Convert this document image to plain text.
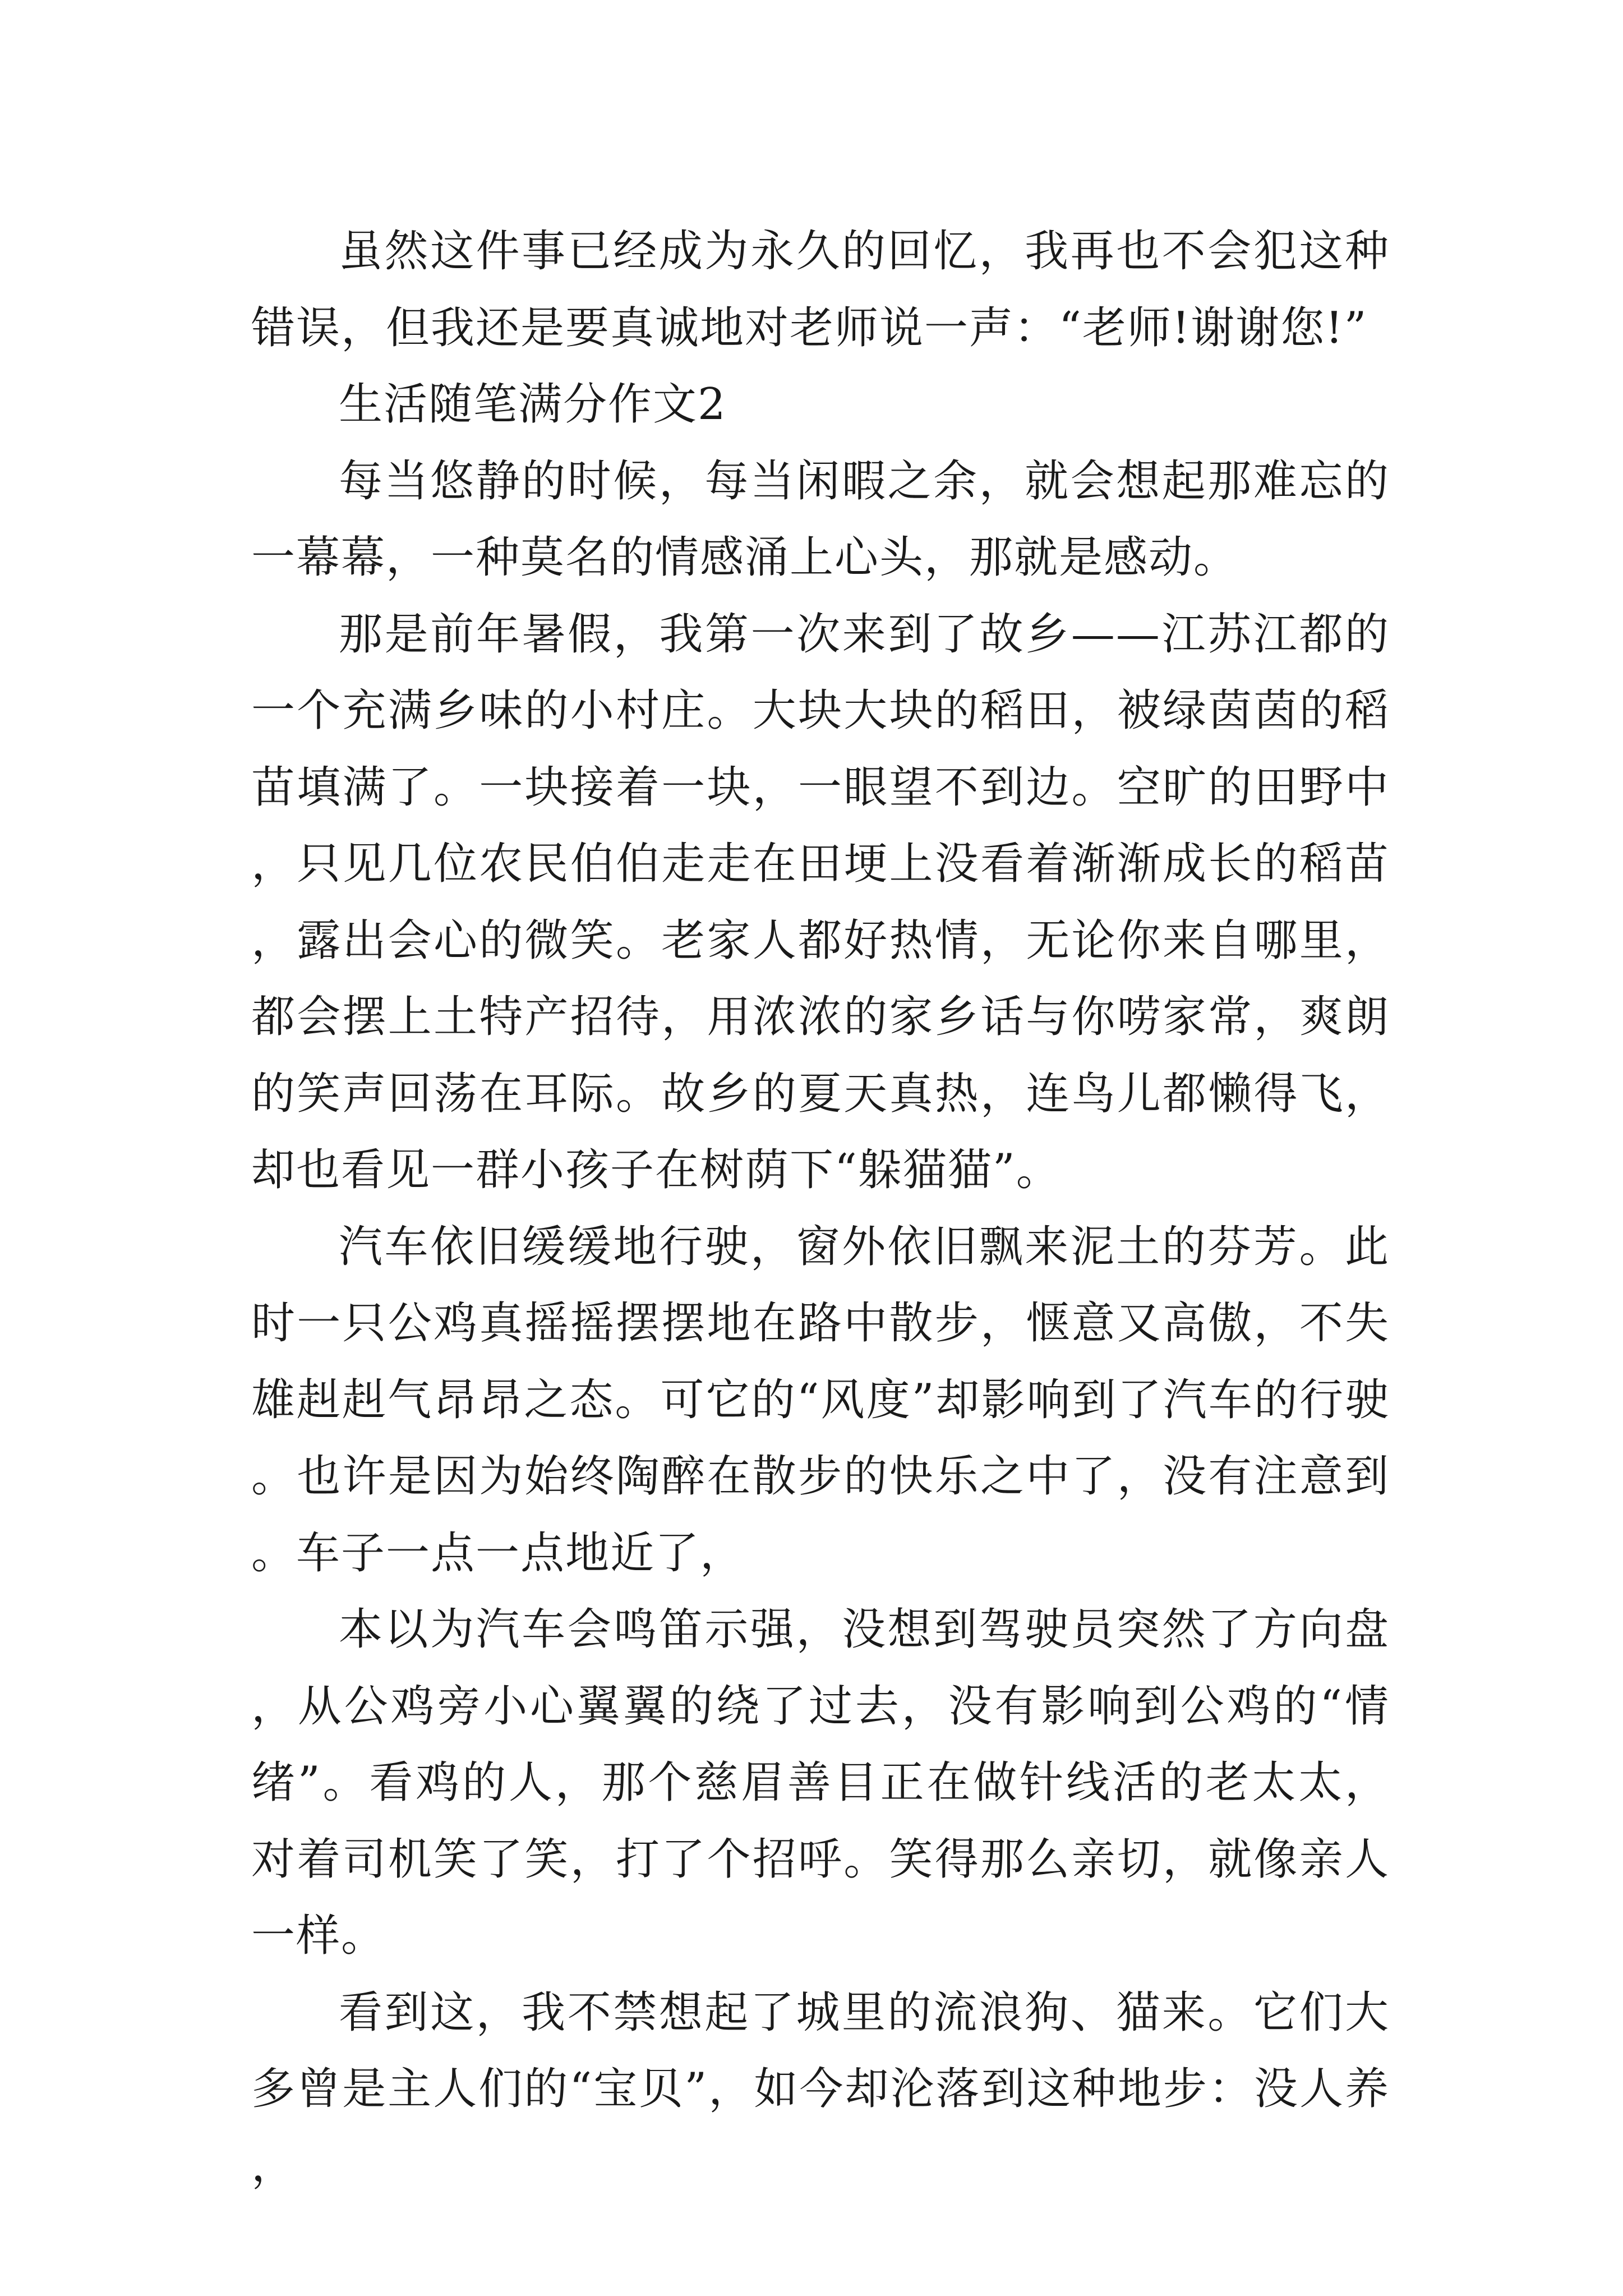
虽然这件事已经成为永久的回忆，我再也不会犯这种错误，但我还是要真诚地对老师说一声：“老师!谢谢您!”

生活随笔满分作文2

每当悠静的时候，每当闲暇之余，就会想起那难忘的一幕幕，一种莫名的情感涌上心头，那就是感动。

那是前年暑假，我第一次来到了故乡——江苏江都的一个充满乡味的小村庄。大块大块的稻田，被绿茵茵的稻苗填满了。一块接着一块，一眼望不到边。空旷的田野中，只见几位农民伯伯走走在田埂上没看着渐渐成长的稻苗，露出会心的微笑。老家人都好热情，无论你来自哪里，都会摆上土特产招待，用浓浓的家乡话与你唠家常，爽朗的笑声回荡在耳际。故乡的夏天真热，连鸟儿都懒得飞，却也看见一群小孩子在树荫下“躲猫猫”。

汽车依旧缓缓地行驶，窗外依旧飘来泥土的芬芳。此时一只公鸡真摇摇摆摆地在路中散步，惬意又高傲，不失雄赳赳气昂昂之态。可它的“风度”却影响到了汽车的行驶。也许是因为始终陶醉在散步的快乐之中了，没有注意到。车子一点一点地近了，

本以为汽车会鸣笛示强，没想到驾驶员突然了方向盘，从公鸡旁小心翼翼的绕了过去，没有影响到公鸡的“情绪”。看鸡的人，那个慈眉善目正在做针线活的老太太，对着司机笑了笑，打了个招呼。笑得那么亲切，就像亲人一样。

看到这，我不禁想起了城里的流浪狗、猫来。它们大多曾是主人们的“宝贝”，如今却沦落到这种地步：没人养，
